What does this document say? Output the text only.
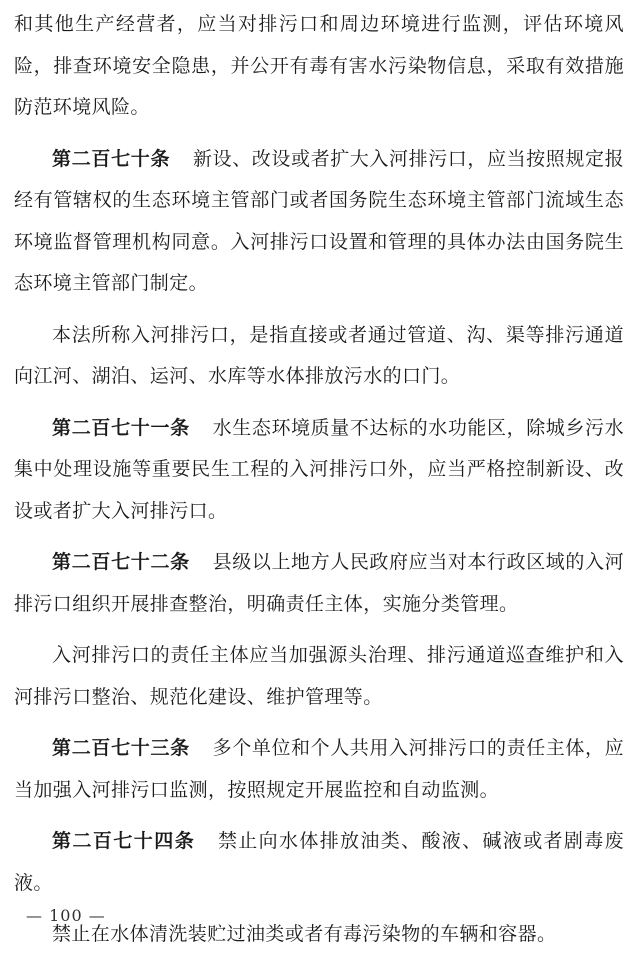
和其他生产经营者，应当对排污口和周边环境进行监测，评估环境风险，排查环境安全隐患，并公开有毒有害水污染物信息，采取有效措施防范环境风险。

第二百七十条 新设、改设或者扩大入河排污口，应当按照规定报经有管辖权的生态环境主管部门或者国务院生态环境主管部门流域生态环境监督管理机构同意。入河排污口设置和管理的具体办法由国务院生态环境主管部门制定。

本法所称入河排污口，是指直接或者通过管道、沟、渠等排污通道向江河、湖泊、运河、水库等水体排放污水的口门。

第二百七十一条 水生态环境质量不达标的水功能区，除城乡污水集中处理设施等重要民生工程的入河排污口外，应当严格控制新设、改设或者扩大入河排污口。

第二百七十二条 县级以上地方人民政府应当对本行政区域的入河排污口组织开展排查整治，明确责任主体，实施分类管理。

入河排污口的责任主体应当加强源头治理、排污通道巡查维护和入河排污口整治、规范化建设、维护管理等。

第二百七十三条 多个单位和个人共用入河排污口的责任主体，应当加强入河排污口监测，按照规定开展监控和自动监测。

第二百七十四条 禁止向水体排放油类、酸液、碱液或者剧毒废液。

禁止在水体清洗装贮过油类或者有毒污染物的车辆和容器。

— 100 —
